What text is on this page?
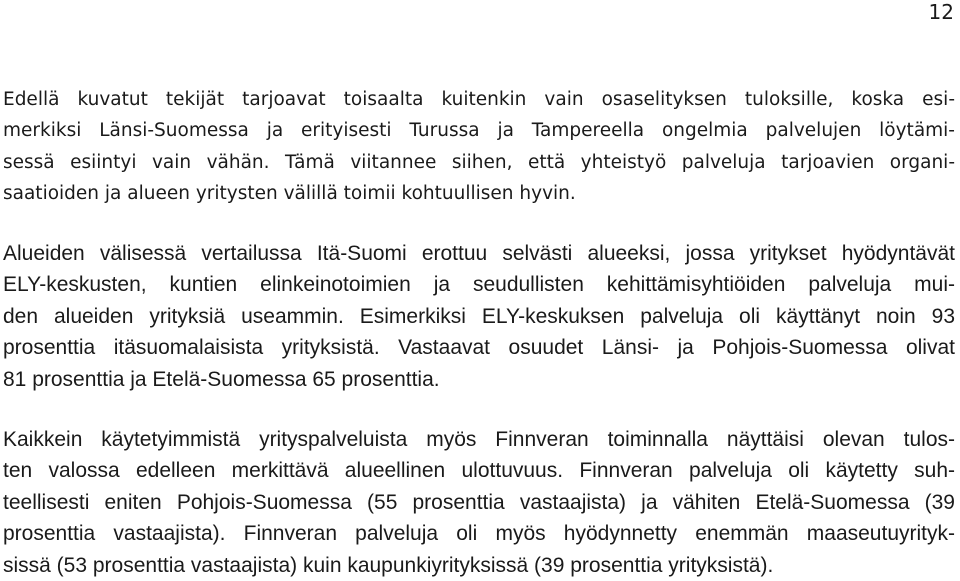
12
Edellä kuvatut tekijät tarjoavat toisaalta kuitenkin vain osaselityksen tuloksille, koska esi-
merkiksi Länsi-Suomessa ja erityisesti Turussa ja Tampereella ongelmia palvelujen löytämi-
sessä esiintyi vain vähän. Tämä viitannee siihen, että yhteistyö palveluja tarjoavien organi-
saatioiden ja alueen yritysten välillä toimii kohtuullisen hyvin.
Alueiden välisessä vertailussa Itä-Suomi erottuu selvästi alueeksi, jossa yritykset hyödyntävät
ELY-keskusten, kuntien elinkeinotoimien ja seudullisten kehittämisyhtiöiden palveluja mui-
den alueiden yrityksiä useammin. Esimerkiksi ELY-keskuksen palveluja oli käyttänyt noin 93
prosenttia itäsuomalaisista yrityksistä. Vastaavat osuudet Länsi- ja Pohjois-Suomessa olivat
81 prosenttia ja Etelä-Suomessa 65 prosenttia.
Kaikkein käytetyimmistä yrityspalveluista myös Finnveran toiminnalla näyttäisi olevan tulos-
ten valossa edelleen merkittävä alueellinen ulottuvuus. Finnveran palveluja oli käytetty suh-
teellisesti eniten Pohjois-Suomessa (55 prosenttia vastaajista) ja vähiten Etelä-Suomessa (39
prosenttia vastaajista). Finnveran palveluja oli myös hyödynnetty enemmän maaseutuyrityk-
sissä (53 prosenttia vastaajista) kuin kaupunkiyrityksissä (39 prosenttia yrityksistä).
